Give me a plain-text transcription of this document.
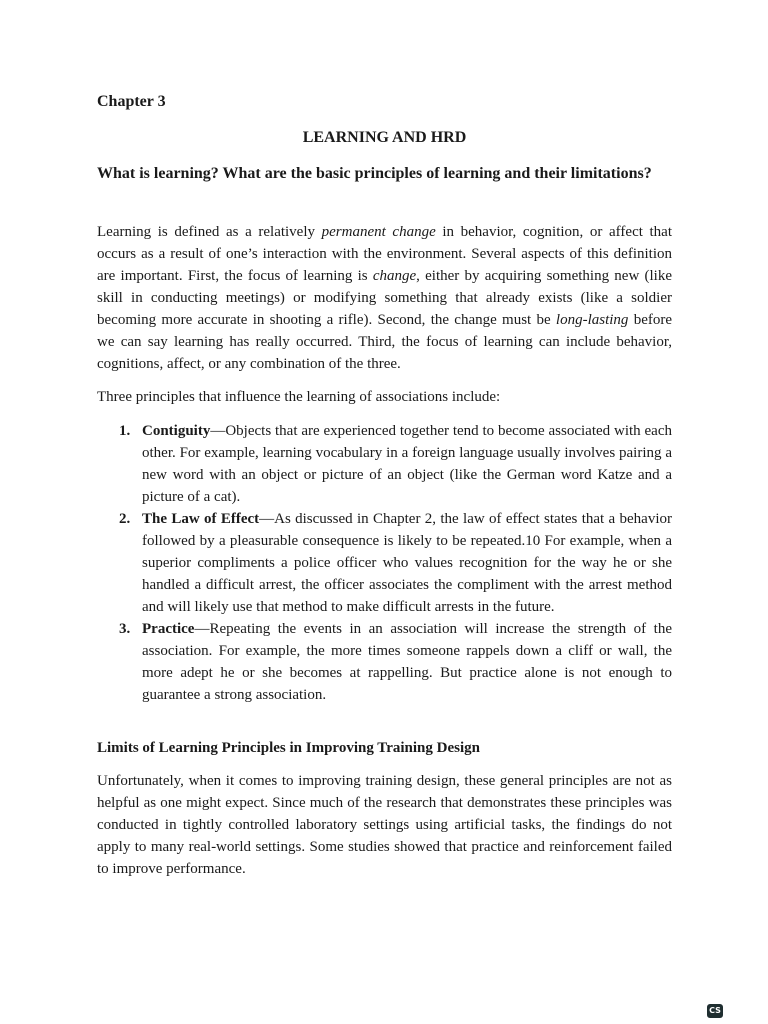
Chapter 3
LEARNING AND HRD
What is learning? What are the basic principles of learning and their limitations?

Learning is defined as a relatively permanent change in behavior, cognition, or affect that occurs as a result of one’s interaction with the environment. Several aspects of this definition are important. First, the focus of learning is change, either by acquiring something new (like skill in conducting meetings) or modifying something that already exists (like a soldier becoming more accurate in shooting a rifle). Second, the change must be long-lasting before we can say learning has really occurred. Third, the focus of learning can include behavior, cognitions, affect, or any combination of the three.

Three principles that influence the learning of associations include:

1. Contiguity—Objects that are experienced together tend to become associated with each other. For example, learning vocabulary in a foreign language usually involves pairing a new word with an object or picture of an object (like the German word Katze and a picture of a cat).
2. The Law of Effect—As discussed in Chapter 2, the law of effect states that a behavior followed by a pleasurable consequence is likely to be repeated.10 For example, when a superior compliments a police officer who values recognition for the way he or she handled a difficult arrest, the officer associates the compliment with the arrest method and will likely use that method to make difficult arrests in the future.
3. Practice—Repeating the events in an association will increase the strength of the association. For example, the more times someone rappels down a cliff or wall, the more adept he or she becomes at rappelling. But practice alone is not enough to guarantee a strong association.
Limits of Learning Principles in Improving Training Design

Unfortunately, when it comes to improving training design, these general principles are not as helpful as one might expect. Since much of the research that demonstrates these principles was conducted in tightly controlled laboratory settings using artificial tasks, the findings do not apply to many real-world settings. Some studies showed that practice and reinforcement failed to improve performance.

CS
